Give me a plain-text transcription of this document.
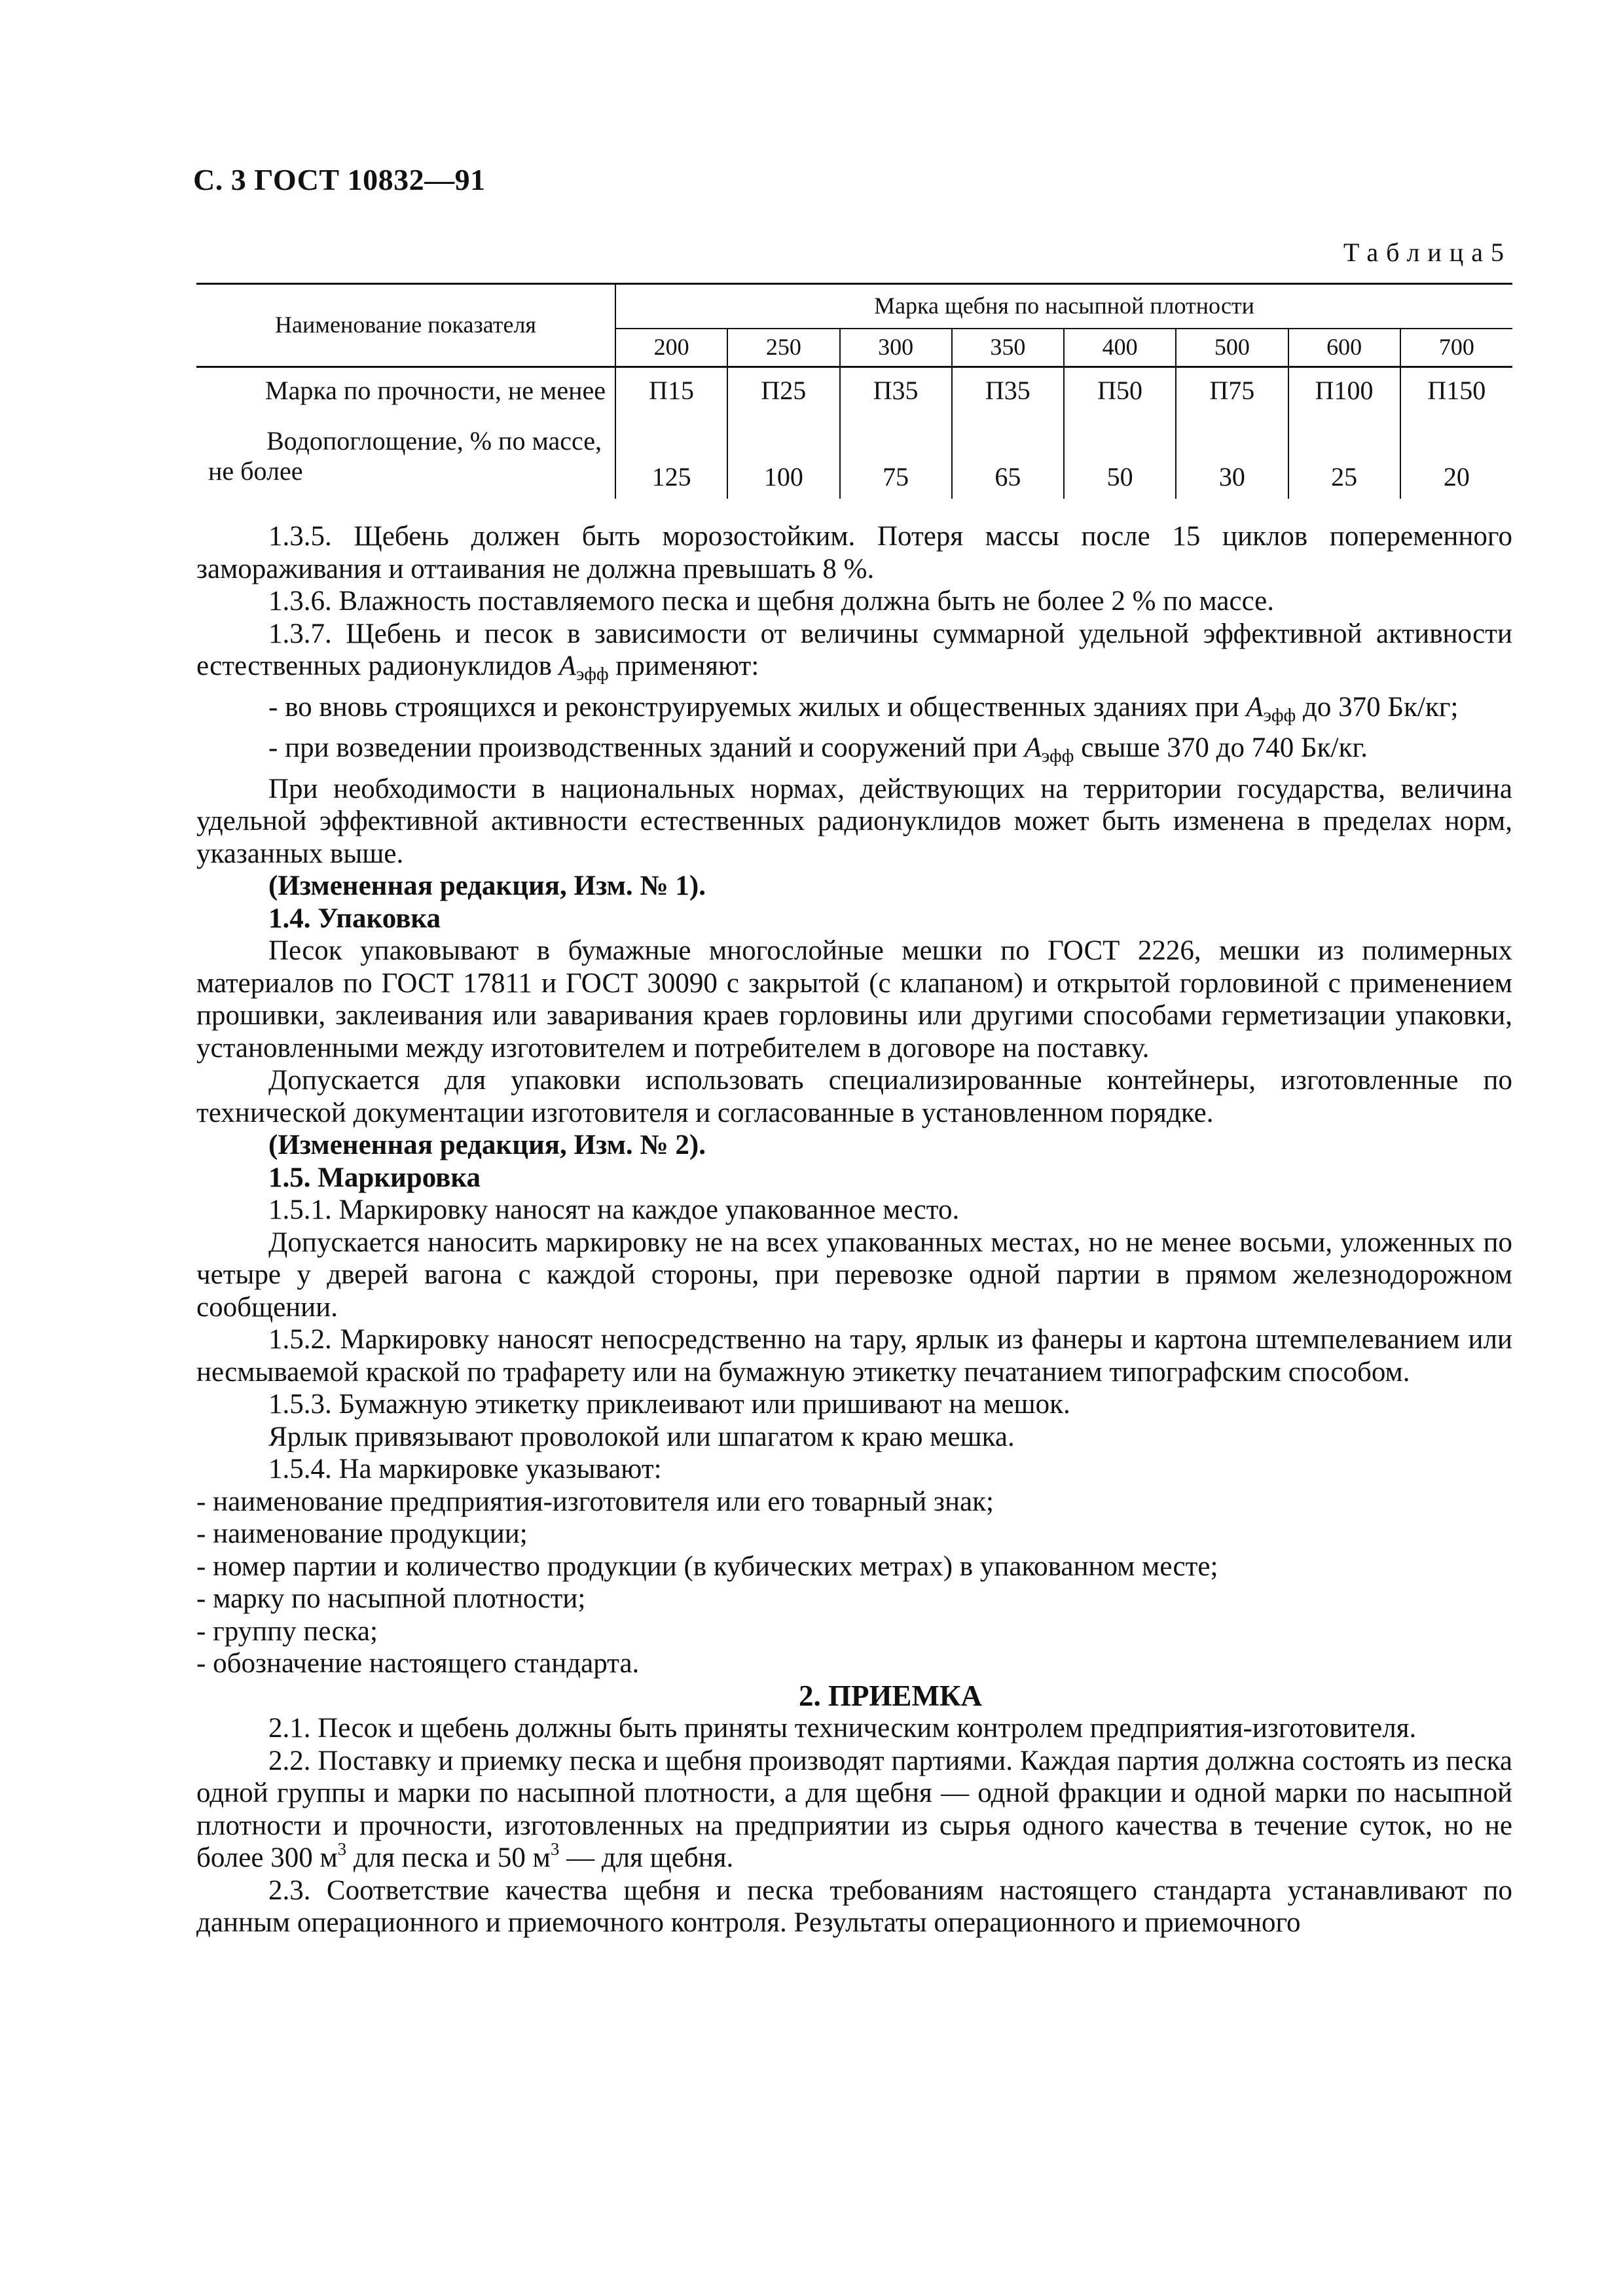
С. 3 ГОСТ 10832—91
Таблица5
Наименование показателя	Марка щебня по насыпной плотности							
	200	250	300	350	400	500	600	700

Марка по прочности, не менее	П15	П25	П35	П35	П50	П75	П100	П150

Водопоглощение, % по массе,
не более	125	100	75	65	50	30	25	20

1.3.5. Щебень должен быть морозостойким. Потеря массы после 15 циклов попеременного замораживания и оттаивания не должна превышать 8 %.

1.3.6. Влажность поставляемого песка и щебня должна быть не более 2 % по массе.

1.3.7. Щебень и песок в зависимости от величины суммарной удельной эффективной активности естественных радионуклидов $А_{эфф}$ применяют:

- во вновь строящихся и реконструируемых жилых и общественных зданиях при $А_{эфф}$ до 370 Бк/кг;

- при возведении производственных зданий и сооружений при $А_{эфф}$ свыше 370 до 740 Бк/кг.

При необходимости в национальных нормах, действующих на территории государства, величина удельной эффективной активности естественных радионуклидов может быть изменена в пределах норм, указанных выше.

(Измененная редакция, Изм. № 1).

1.4. Упаковка

Песок упаковывают в бумажные многослойные мешки по ГОСТ 2226, мешки из полимерных материалов по ГОСТ 17811 и ГОСТ 30090 с закрытой (с клапаном) и открытой горловиной с применением прошивки, заклеивания или заваривания краев горловины или другими способами герметизации упаковки, установленными между изготовителем и потребителем в договоре на поставку.

Допускается для упаковки использовать специализированные контейнеры, изготовленные по технической документации изготовителя и согласованные в установленном порядке.

(Измененная редакция, Изм. № 2).

1.5. Маркировка

1.5.1. Маркировку наносят на каждое упакованное место.

Допускается наносить маркировку не на всех упакованных местах, но не менее восьми, уложенных по четыре у дверей вагона с каждой стороны, при перевозке одной партии в прямом железнодорожном сообщении.

1.5.2. Маркировку наносят непосредственно на тару, ярлык из фанеры и картона штемпелеванием или несмываемой краской по трафарету или на бумажную этикетку печатанием типографским способом.

1.5.3. Бумажную этикетку приклеивают или пришивают на мешок.

Ярлык привязывают проволокой или шпагатом к краю мешка.

1.5.4. На маркировке указывают:

- наименование предприятия-изготовителя или его товарный знак;

- наименование продукции;

- номер партии и количество продукции (в кубических метрах) в упакованном месте;

- марку по насыпной плотности;

- группу песка;

- обозначение настоящего стандарта.

2. ПРИЕМКА

2.1. Песок и щебень должны быть приняты техническим контролем предприятия-изготовителя.

2.2. Поставку и приемку песка и щебня производят партиями. Каждая партия должна состоять из песка одной группы и марки по насыпной плотности, а для щебня — одной фракции и одной марки по насыпной плотности и прочности, изготовленных на предприятии из сырья одного качества в течение суток, но не более 300 $м^3$ для песка и 50 $м^3$ — для щебня.

2.3. Соответствие качества щебня и песка требованиям настоящего стандарта устанавливают по данным операционного и приемочного контроля. Результаты операционного и приемочного
